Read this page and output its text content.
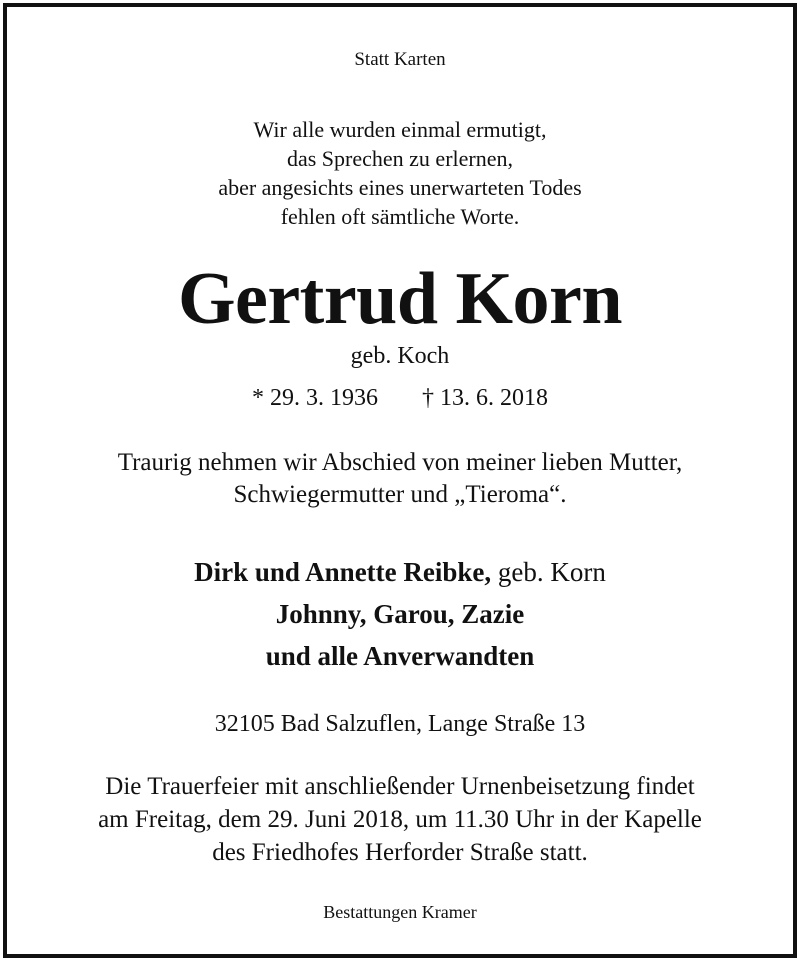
Statt Karten
Wir alle wurden einmal ermutigt,
das Sprechen zu erlernen,
aber angesichts eines unerwarteten Todes
fehlen oft sämtliche Worte.
Gertrud Korn
geb. Koch
* 29. 3. 1936 † 13. 6. 2018
Traurig nehmen wir Abschied von meiner lieben Mutter,
Schwiegermutter und „Tieroma“.
Dirk und Annette Reibke, geb. Korn
Johnny, Garou, Zazie
und alle Anverwandten
32105 Bad Salzuflen, Lange Straße 13
Die Trauerfeier mit anschließender Urnenbeisetzung findet
am Freitag, dem 29. Juni 2018, um 11.30 Uhr in der Kapelle
des Friedhofes Herforder Straße statt.
Bestattungen Kramer
